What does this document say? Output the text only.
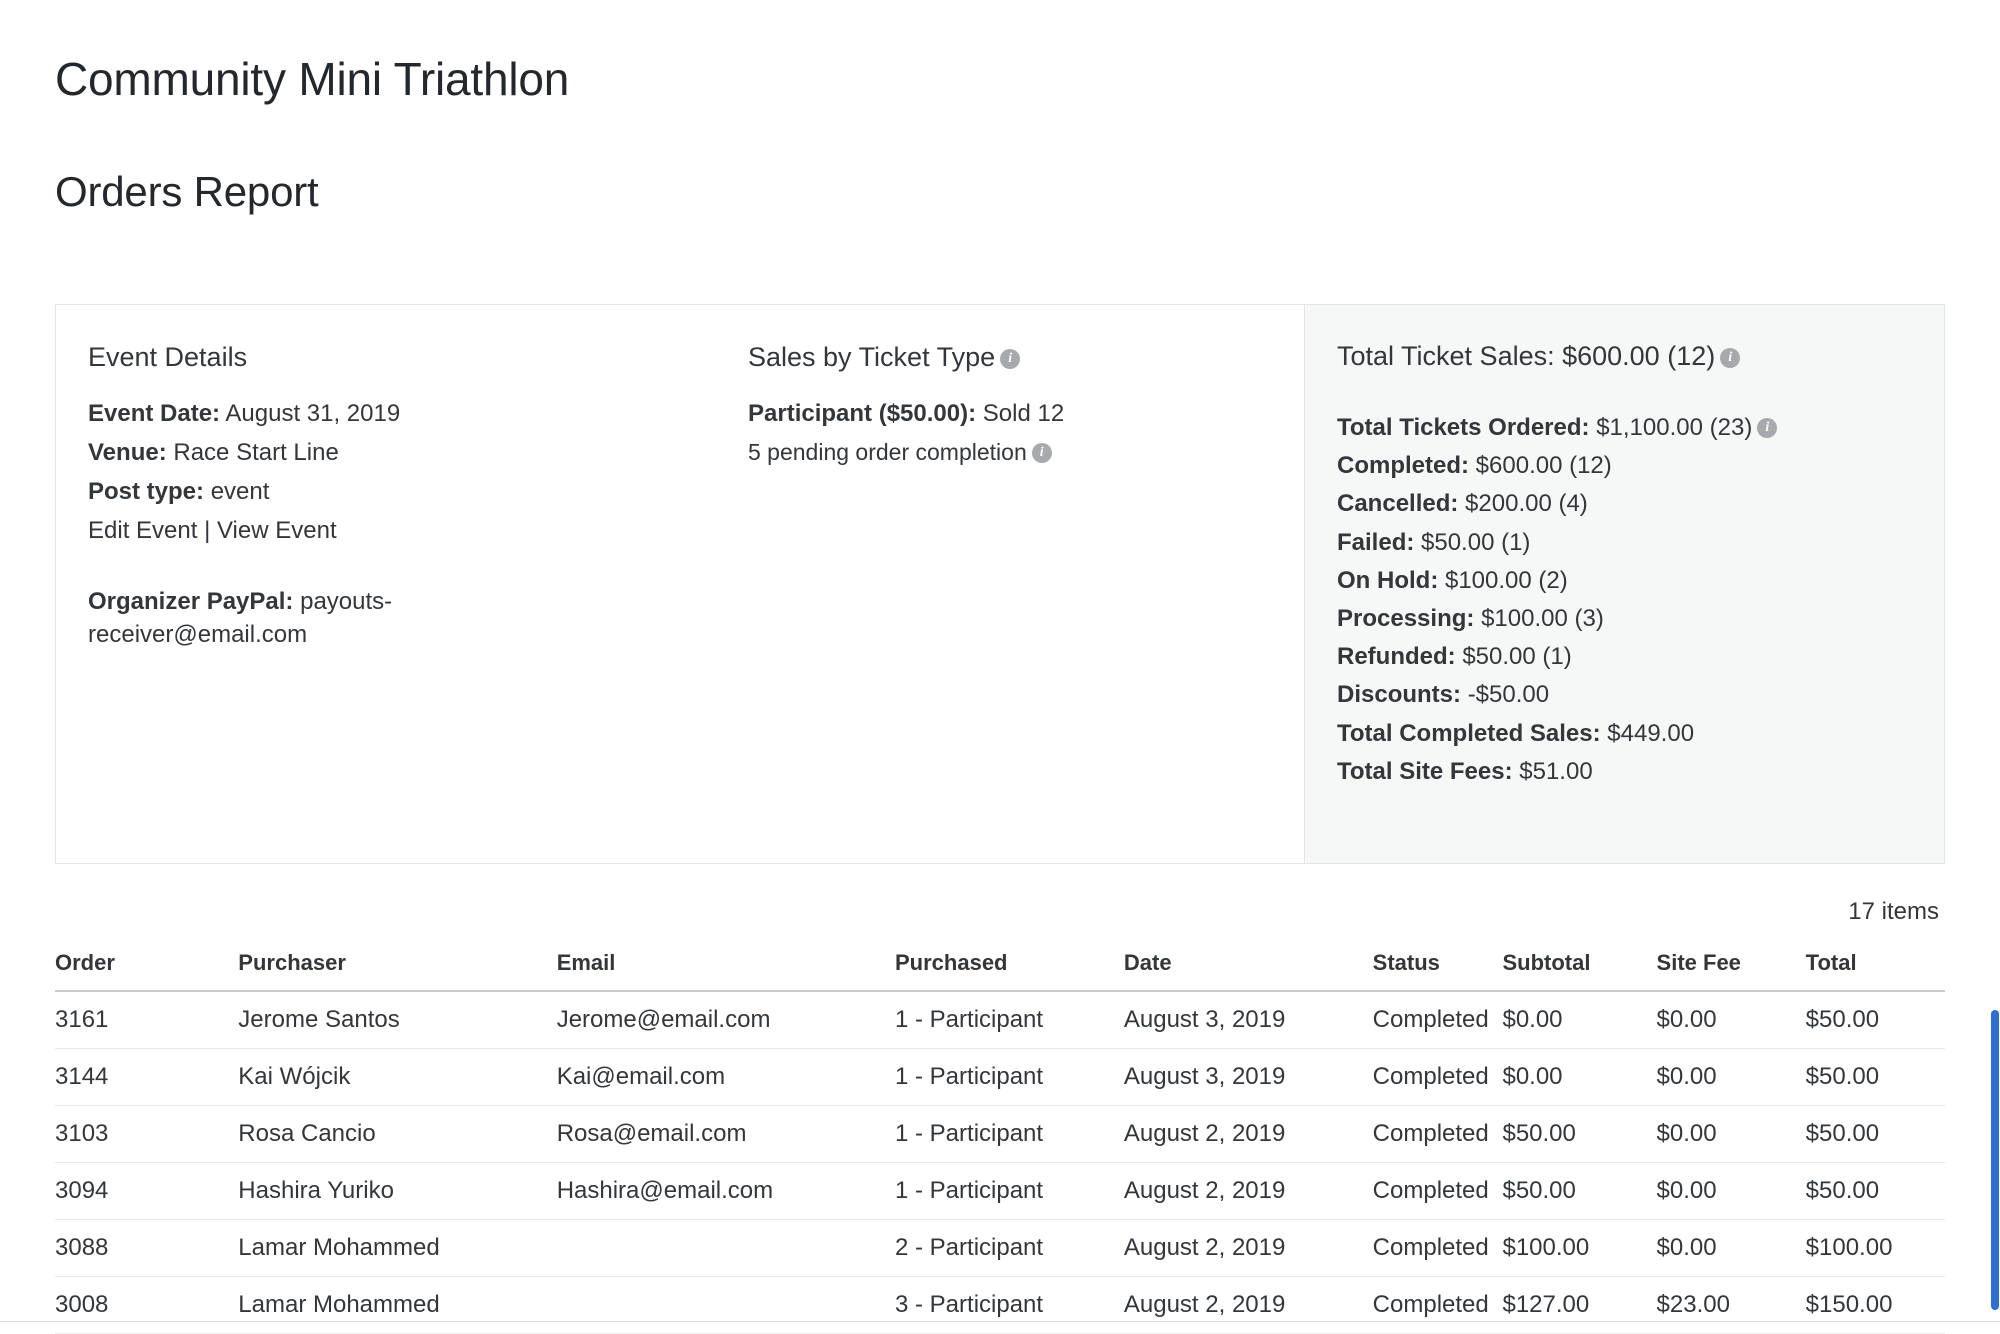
Community Mini Triathlon
Orders Report
Event Details
Event Date: August 31, 2019
Venue: Race Start Line
Post type: event
Edit Event | View Event
Organizer PayPal: payouts-receiver@email.com
Sales by Ticket Type i
Participant ($50.00): Sold 12
5 pending order completion i
Total Ticket Sales: $600.00 (12) i
Total Tickets Ordered: $1,100.00 (23) i
Completed: $600.00 (12)
Cancelled: $200.00 (4)
Failed: $50.00 (1)
On Hold: $100.00 (2)
Processing: $100.00 (3)
Refunded: $50.00 (1)
Discounts: -$50.00
Total Completed Sales: $449.00
Total Site Fees: $51.00
17 items
Order	Purchaser	Email	Purchased	Date	Status	Subtotal	Site Fee	Total
3161	Jerome Santos	Jerome@email.com	1 - Participant	August 3, 2019	Completed	$0.00	$0.00	$50.00
3144	Kai Wójcik	Kai@email.com	1 - Participant	August 3, 2019	Completed	$0.00	$0.00	$50.00
3103	Rosa Cancio	Rosa@email.com	1 - Participant	August 2, 2019	Completed	$50.00	$0.00	$50.00
3094	Hashira Yuriko	Hashira@email.com	1 - Participant	August 2, 2019	Completed	$50.00	$0.00	$50.00
3088	Lamar Mohammed		2 - Participant	August 2, 2019	Completed	$100.00	$0.00	$100.00
3008	Lamar Mohammed		3 - Participant	August 2, 2019	Completed	$127.00	$23.00	$150.00
